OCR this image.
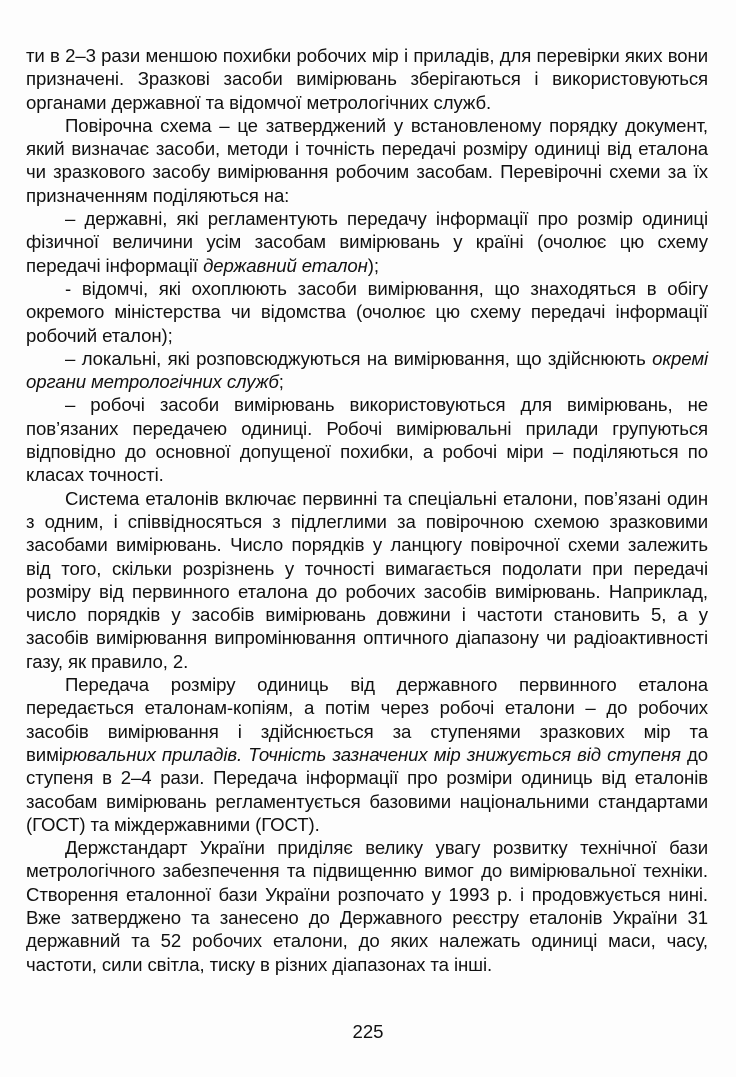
ти в 2–3 рази меншою похибки робочих мір і приладів, для перевірки яких вони призначені. Зразкові засоби вимірювань зберігаються і використовуються органами державної та відомчої метрологічних служб.

Повірочна схема – це затверджений у встановленому порядку документ, який визначає засоби, методи і точність передачі розміру одиниці від еталона чи зразкового засобу вимірювання робочим засобам. Перевірочні схеми за їх призначенням поділяються на:

– державні, які регламентують передачу інформації про розмір одиниці фізичної величини усім засобам вимірювань у країні (очолює цю схему передачі інформації державний еталон);

- відомчі, які охоплюють засоби вимірювання, що знаходяться в обігу окремого міністерства чи відомства (очолює цю схему передачі інформації робочий еталон);

– локальні, які розповсюджуються на вимірювання, що здійснюють окремі органи метрологічних служб;

– робочі засоби вимірювань використовуються для вимірювань, не пов’язаних передачею одиниці. Робочі вимірювальні прилади групуються відповідно до основної допущеної похибки, а робочі міри – поділяються по класах точності.

Система еталонів включає первинні та спеціальні еталони, пов’язані один з одним, і співвідносяться з підлеглими за повірочною схемою зразковими засобами вимірювань. Число порядків у ланцюгу повірочної схеми залежить від того, скільки розрізнень у точності вимагається подолати при передачі розміру від первинного еталона до робочих засобів вимірювань. Наприклад, число порядків у засобів вимірювань довжини і частоти становить 5, а у засобів вимірювання випромінювання оптичного діапазону чи радіоактивності газу, як правило, 2.

Передача розміру одиниць від державного первинного еталона передається еталонам-копіям, а потім через робочі еталони – до робочих засобів вимірювання і здійснюється за ступенями зразкових мір та вимірювальних приладів. Точність зазначених мір знижується від ступеня до ступеня в 2–4 рази. Передача інформації про розміри одиниць від еталонів засобам вимірювань регламентується базовими національними стандартами (ГОСТ) та міждержавними (ГОСТ).

Держстандарт України приділяє велику увагу розвитку технічної бази метрологічного забезпечення та підвищенню вимог до вимірювальної техніки. Створення еталонної бази України розпочато у 1993 р. і продовжується нині. Вже затверджено та занесено до Державного реєстру еталонів України 31 державний та 52 робочих еталони, до яких належать одиниці маси, часу, частоти, сили світла, тиску в різних діапазонах та інші.

225
